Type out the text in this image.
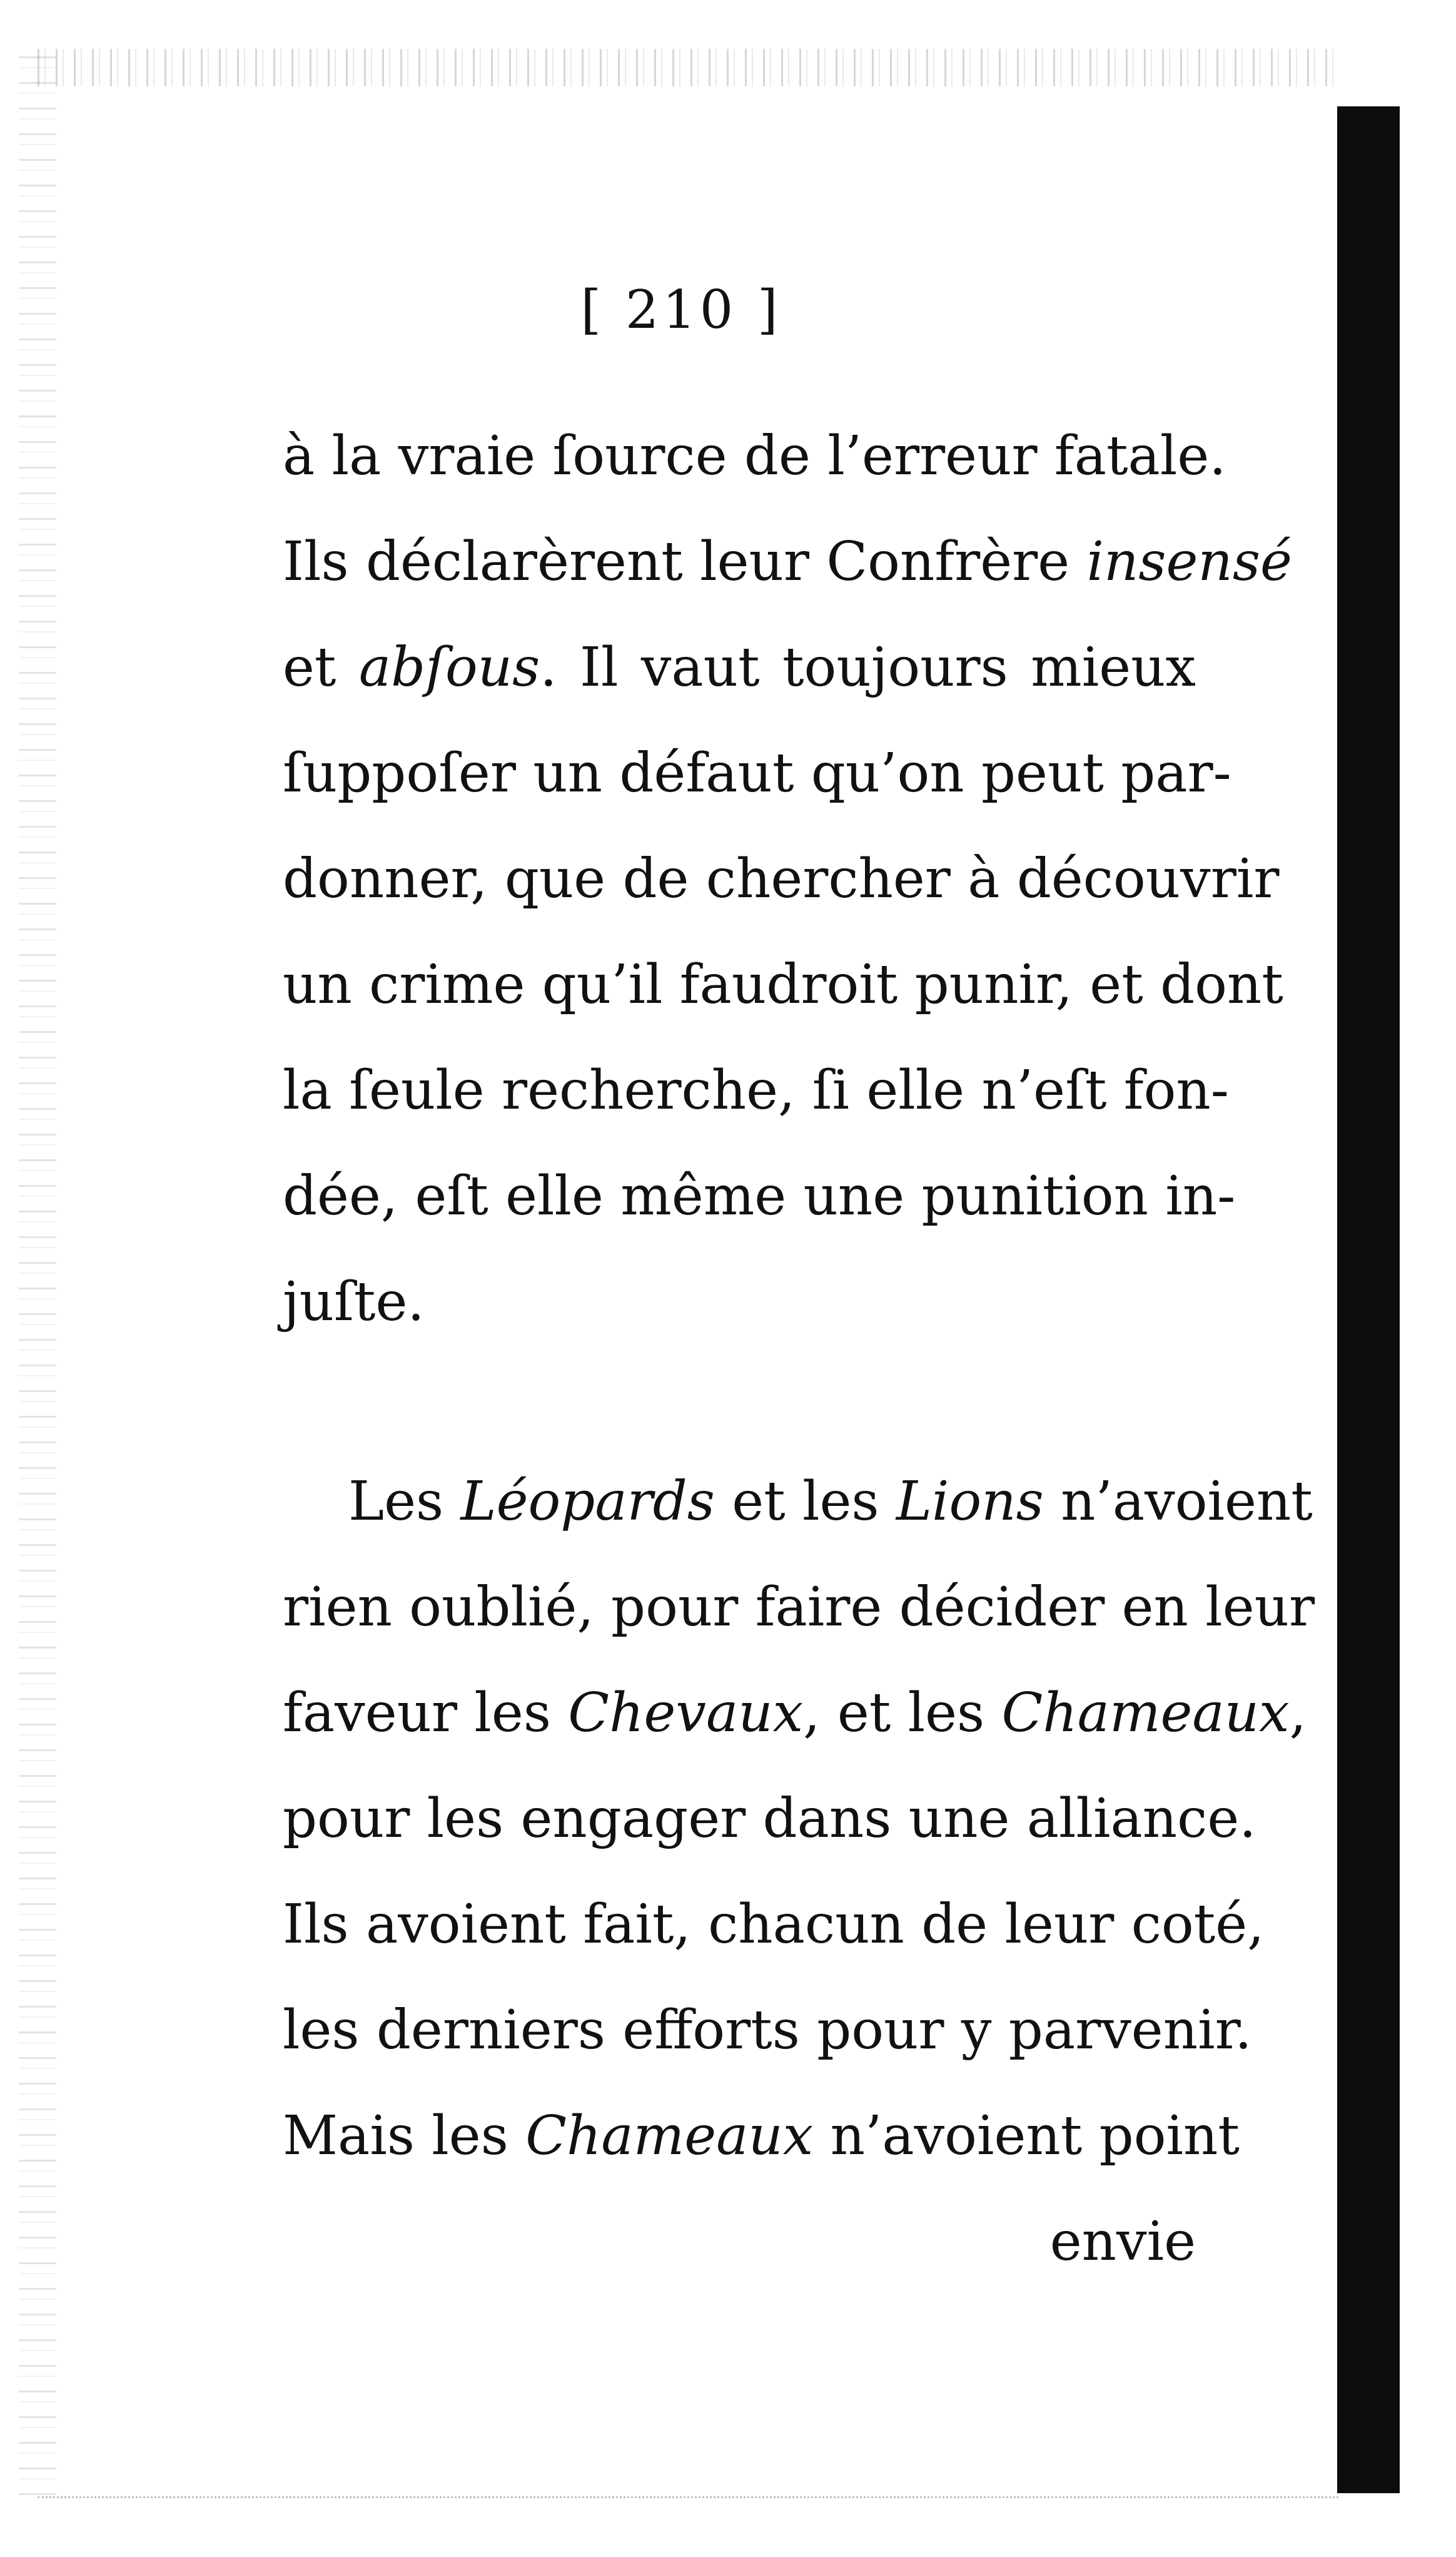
[ 210 ]
à la vraie ſource de l’erreur fatale.
Ils déclarèrent leur Confrère insensé
et abſous. Il vaut toujours mieux
ſuppoſer un défaut qu’on peut par-
donner, que de chercher à découvrir
un crime qu’il faudroit punir, et dont
la ſeule recherche, ſi elle n’eſt fon-
dée, eſt elle même une punition in-
juſte.
Les Léopards et les Lions n’avoient
rien oublié, pour faire décider en leur
faveur les Chevaux, et les Chameaux,
pour les engager dans une alliance.
Ils avoient fait, chacun de leur coté,
les derniers efforts pour y parvenir.
Mais les Chameaux n’avoient point
envie
